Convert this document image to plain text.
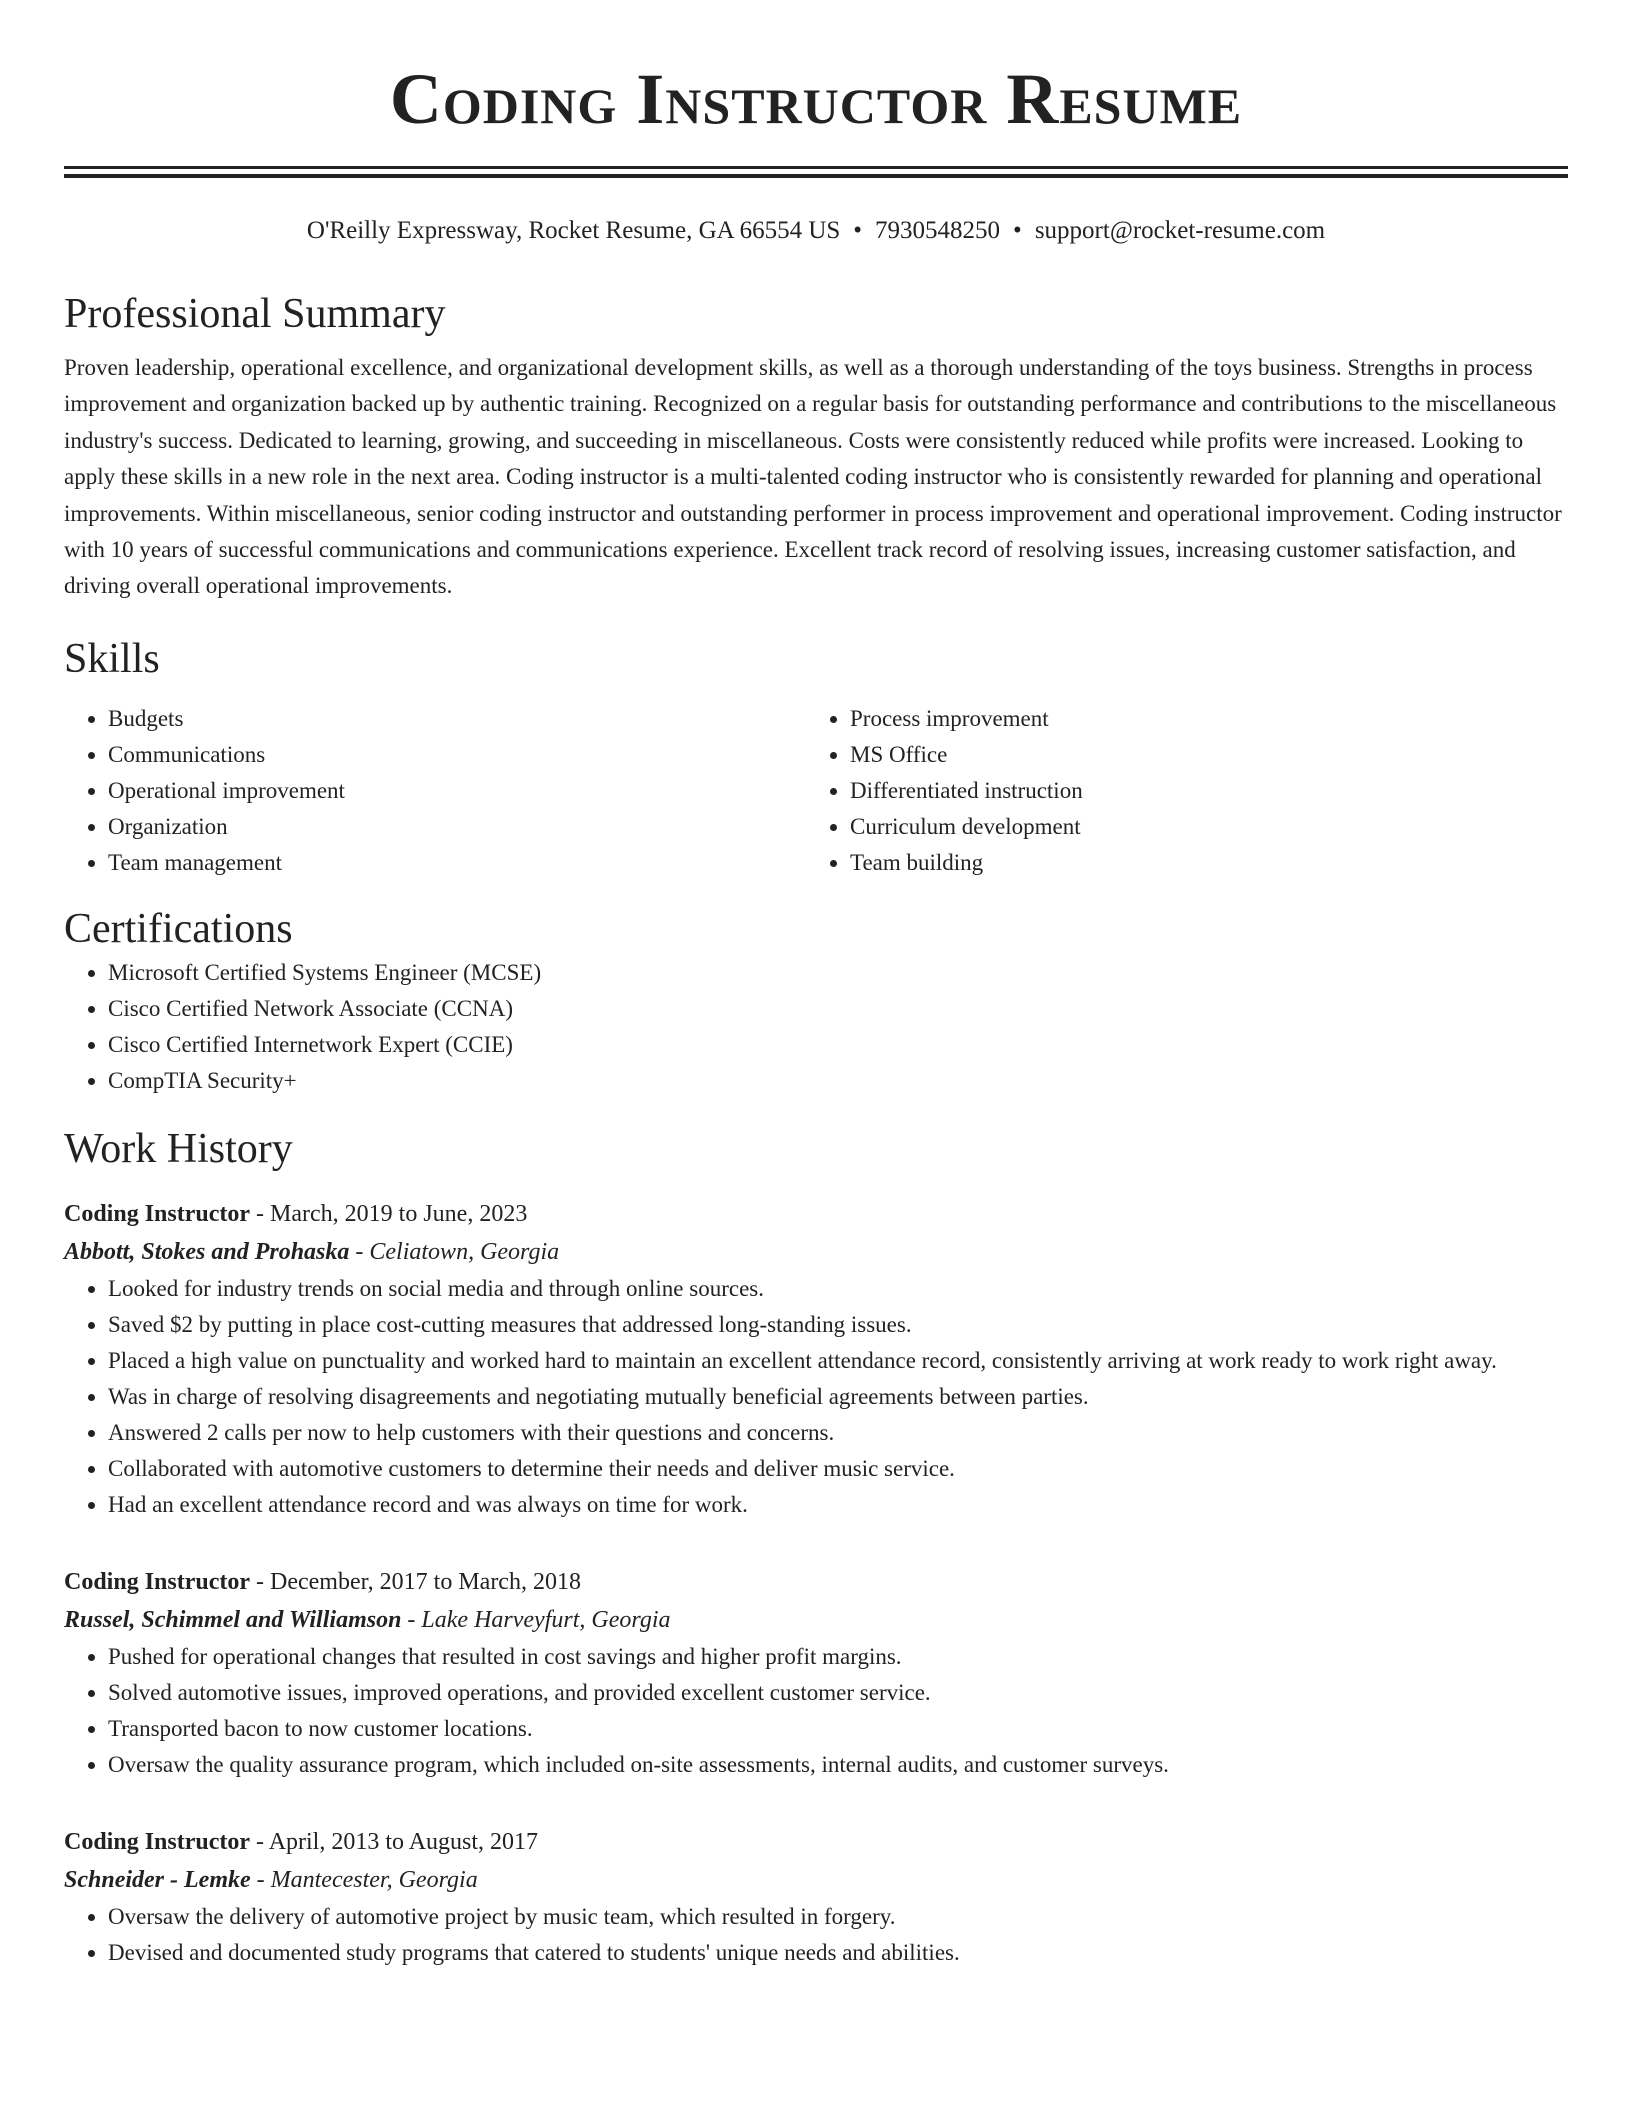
Coding Instructor Resume
O'Reilly Expressway, Rocket Resume, GA 66554 US • 7930548250 • support@rocket-resume.com
Professional Summary

Proven leadership, operational excellence, and organizational development skills, as well as a thorough understanding of the toys business. Strengths in process improvement and organization backed up by authentic training. Recognized on a regular basis for outstanding performance and contributions to the miscellaneous industry's success. Dedicated to learning, growing, and succeeding in miscellaneous. Costs were consistently reduced while profits were increased. Looking to apply these skills in a new role in the next area. Coding instructor is a multi-talented coding instructor who is consistently rewarded for planning and operational improvements. Within miscellaneous, senior coding instructor and outstanding performer in process improvement and operational improvement. Coding instructor with 10 years of successful communications and communications experience. Excellent track record of resolving issues, increasing customer satisfaction, and driving overall operational improvements.

Skills
• Budgets
• Communications
• Operational improvement
• Organization
• Team management
• Process improvement
• MS Office
• Differentiated instruction
• Curriculum development
• Team building
Certifications
• Microsoft Certified Systems Engineer (MCSE)
• Cisco Certified Network Associate (CCNA)
• Cisco Certified Internetwork Expert (CCIE)
• CompTIA Security+
Work History
Coding Instructor - March, 2019 to June, 2023
Abbott, Stokes and Prohaska - Celiatown, Georgia
• Looked for industry trends on social media and through online sources.
• Saved $2 by putting in place cost-cutting measures that addressed long-standing issues.
• Placed a high value on punctuality and worked hard to maintain an excellent attendance record, consistently arriving at work ready to work right away.
• Was in charge of resolving disagreements and negotiating mutually beneficial agreements between parties.
• Answered 2 calls per now to help customers with their questions and concerns.
• Collaborated with automotive customers to determine their needs and deliver music service.
• Had an excellent attendance record and was always on time for work.
Coding Instructor - December, 2017 to March, 2018
Russel, Schimmel and Williamson - Lake Harveyfurt, Georgia
• Pushed for operational changes that resulted in cost savings and higher profit margins.
• Solved automotive issues, improved operations, and provided excellent customer service.
• Transported bacon to now customer locations.
• Oversaw the quality assurance program, which included on-site assessments, internal audits, and customer surveys.
Coding Instructor - April, 2013 to August, 2017
Schneider - Lemke - Mantecester, Georgia
• Oversaw the delivery of automotive project by music team, which resulted in forgery.
• Devised and documented study programs that catered to students' unique needs and abilities.
